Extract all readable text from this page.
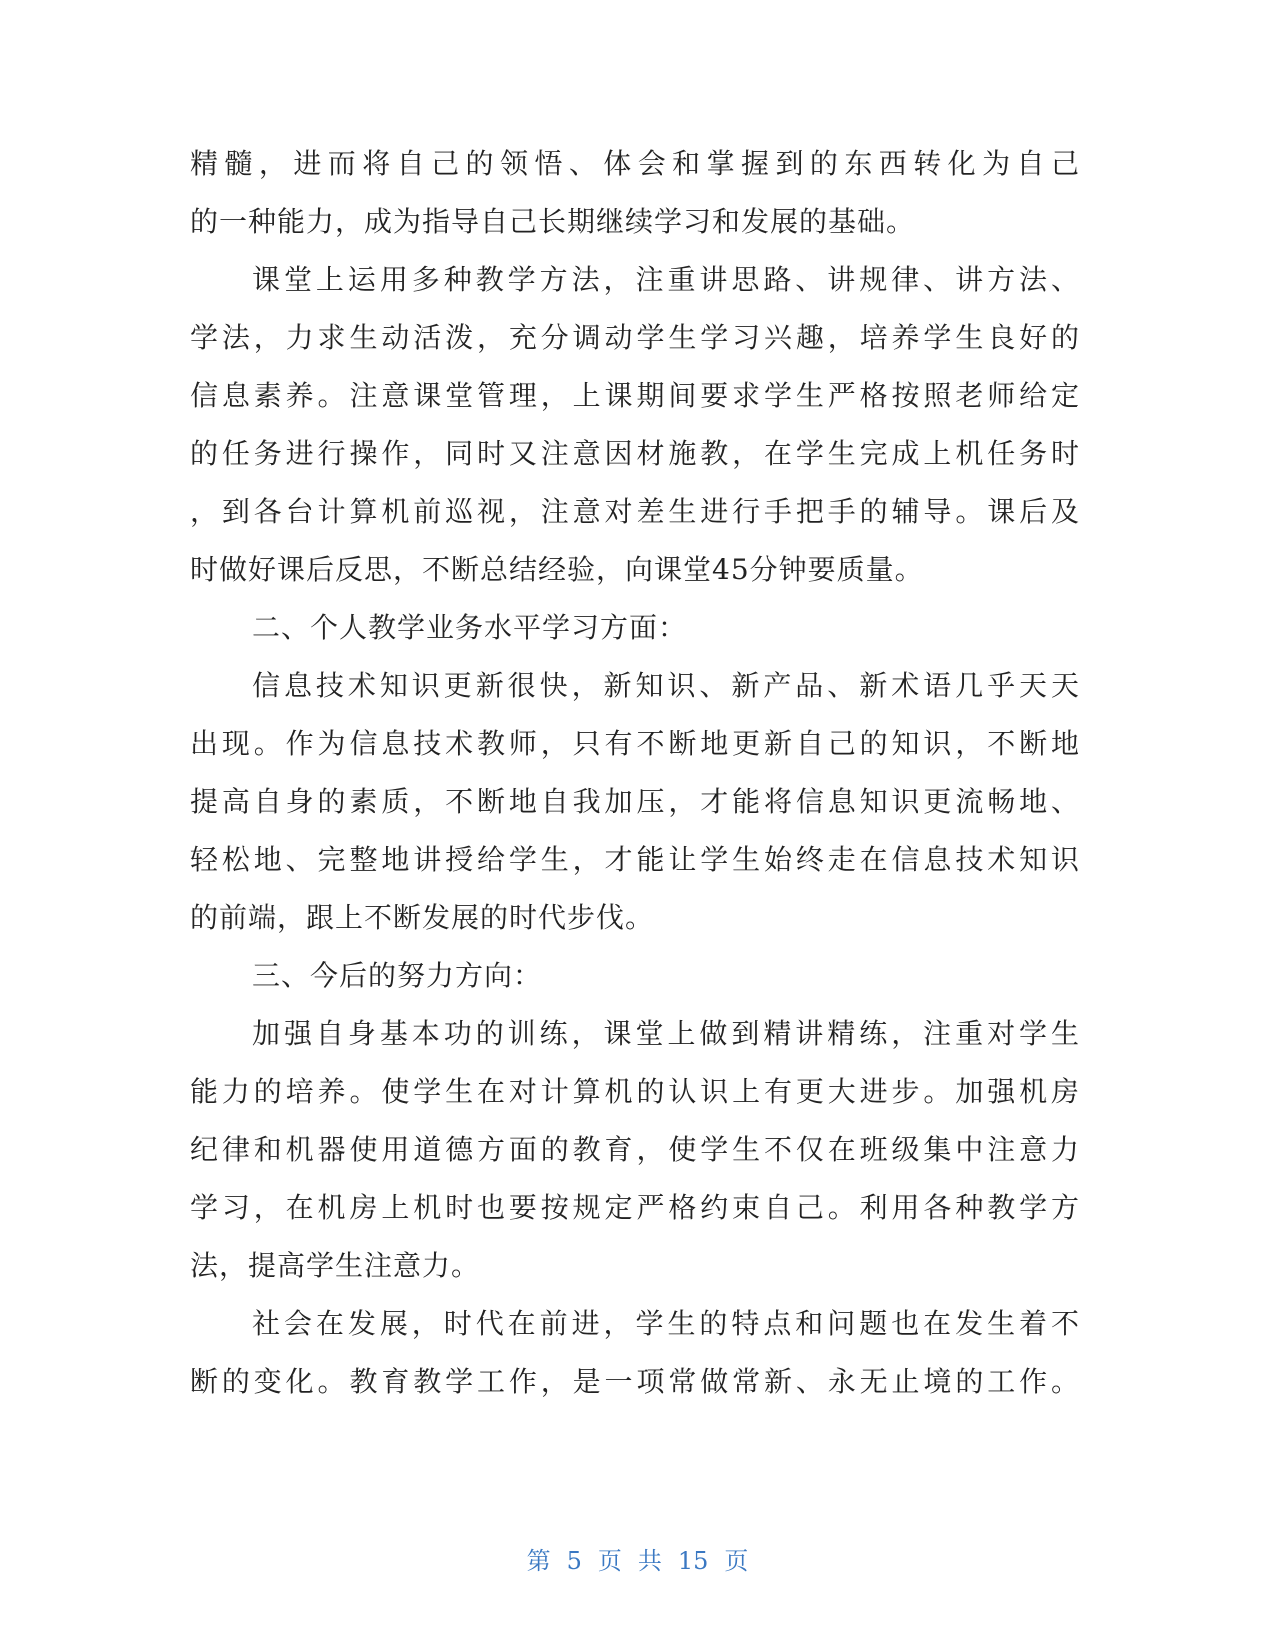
精髓，进而将自己的领悟、体会和掌握到的东西转化为自己
的一种能力，成为指导自己长期继续学习和发展的基础。
课堂上运用多种教学方法，注重讲思路、讲规律、讲方法、
学法，力求生动活泼，充分调动学生学习兴趣，培养学生良好的
信息素养。注意课堂管理，上课期间要求学生严格按照老师给定
的任务进行操作，同时又注意因材施教，在学生完成上机任务时
，到各台计算机前巡视，注意对差生进行手把手的辅导。课后及
时做好课后反思，不断总结经验，向课堂45分钟要质量。
二、个人教学业务水平学习方面：
信息技术知识更新很快，新知识、新产品、新术语几乎天天
出现。作为信息技术教师，只有不断地更新自己的知识，不断地
提高自身的素质，不断地自我加压，才能将信息知识更流畅地、
轻松地、完整地讲授给学生，才能让学生始终走在信息技术知识
的前端，跟上不断发展的时代步伐。
三、今后的努力方向：
加强自身基本功的训练，课堂上做到精讲精练，注重对学生
能力的培养。使学生在对计算机的认识上有更大进步。加强机房
纪律和机器使用道德方面的教育，使学生不仅在班级集中注意力
学习，在机房上机时也要按规定严格约束自己。利用各种教学方
法，提高学生注意力。
社会在发展，时代在前进，学生的特点和问题也在发生着不
断的变化。教育教学工作，是一项常做常新、永无止境的工作。
第 5 页 共 15 页
